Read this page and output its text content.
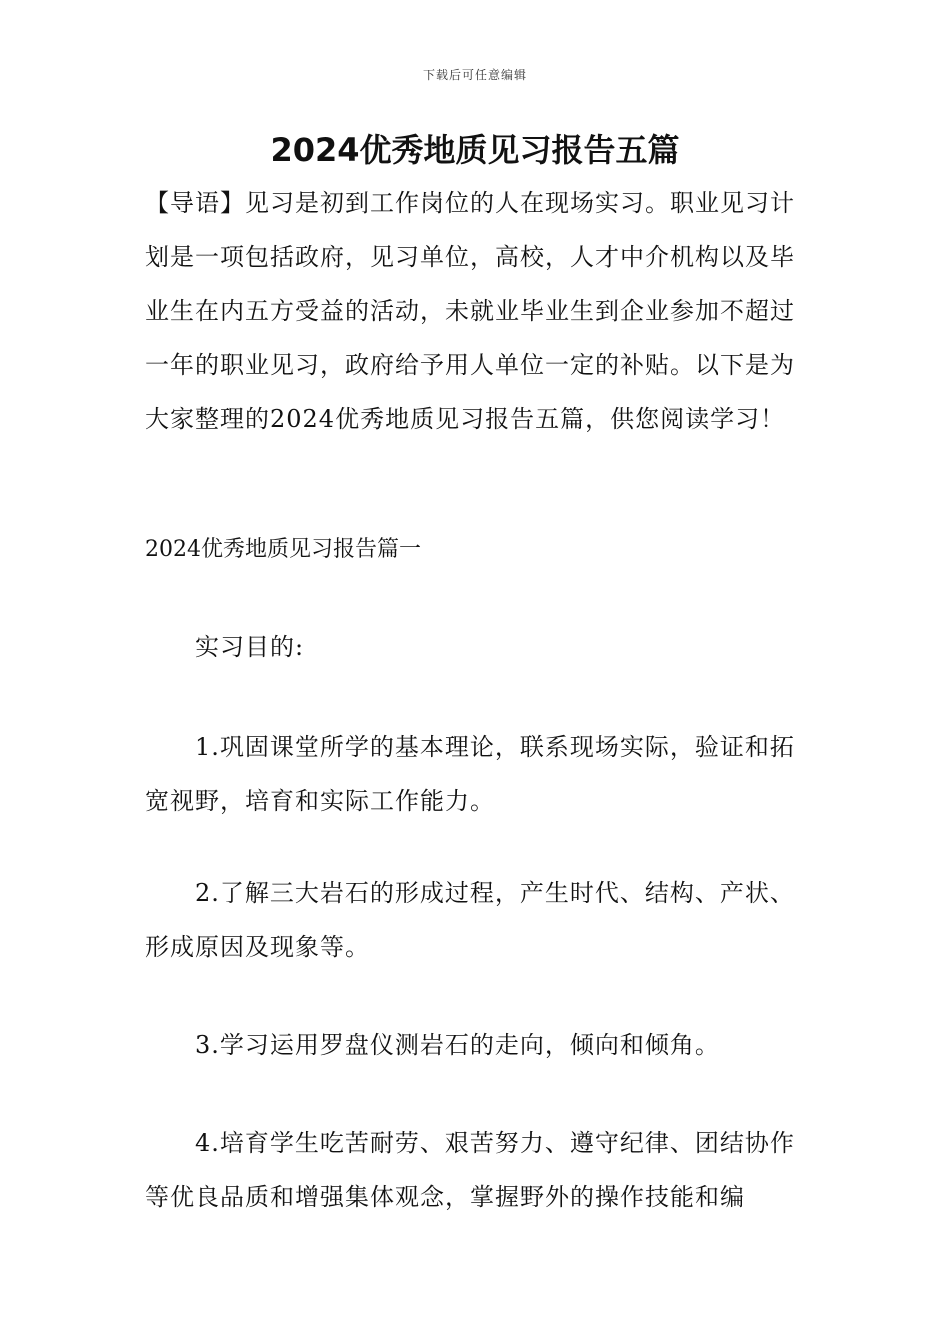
下载后可任意编辑
2024优秀地质见习报告五篇

【导语】见习是初到工作岗位的人在现场实习。职业见习计划是一项包括政府，见习单位，高校，人才中介机构以及毕业生在内五方受益的活动，未就业毕业生到企业参加不超过一年的职业见习，政府给予用人单位一定的补贴。以下是为大家整理的2024优秀地质见习报告五篇，供您阅读学习！

2024优秀地质见习报告篇一

实习目的:

1.巩固课堂所学的基本理论，联系现场实际，验证和拓宽视野，培育和实际工作能力。

2.了解三大岩石的形成过程，产生时代、结构、产状、形成原因及现象等。

3.学习运用罗盘仪测岩石的走向，倾向和倾角。

4.培育学生吃苦耐劳、艰苦努力、遵守纪律、团结协作等优良品质和增强集体观念，掌握野外的操作技能和编
